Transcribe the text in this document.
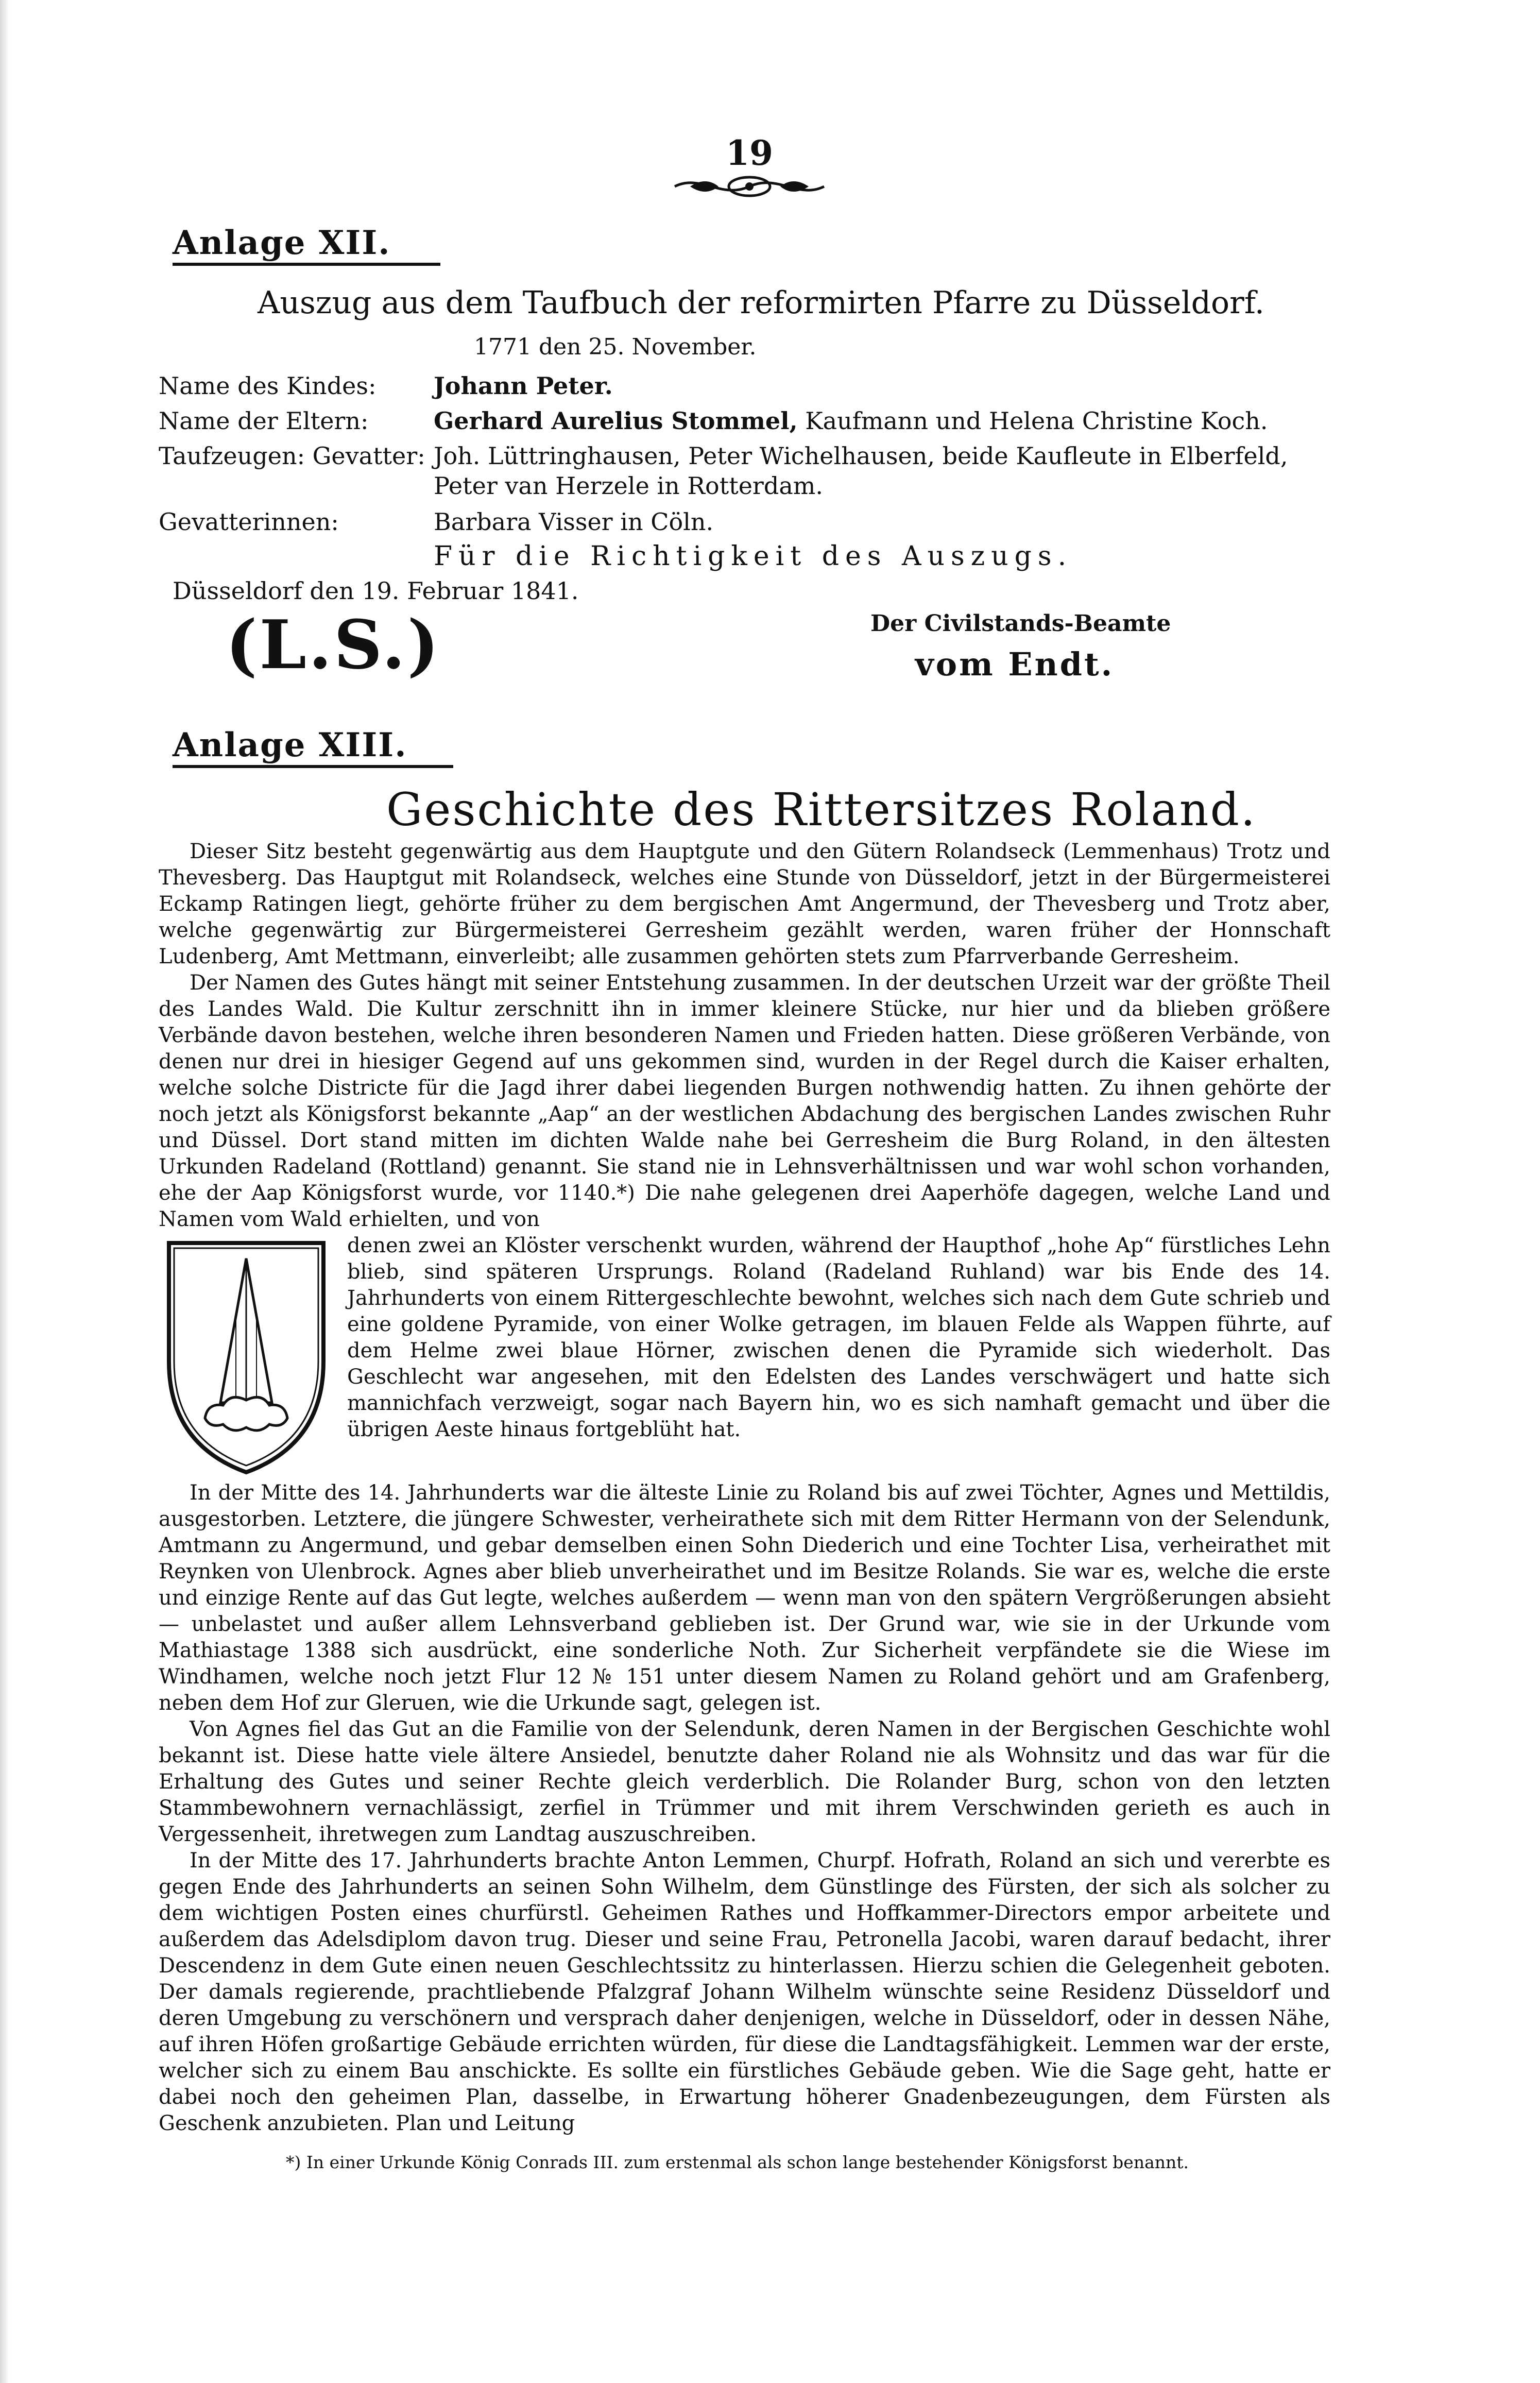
19
Anlage XII.
Auszug aus dem Taufbuch der reformirten Pfarre zu Düsseldorf.
1771 den 25. November.
Name des Kindes: Johann Peter.
Name der Eltern:	Gerhard Aurelius Stommel, Kaufmann und Helena Christine Koch.
Taufzeugen: Gevatter: Joh. Lüttringhausen, Peter Wichelhausen, beide Kaufleute in Elberfeld,
Peter van Herzele in Rotterdam.
Gevatterinnen:	Barbara Visser in Cöln.
Für die Richtigkeit des Auszugs.
Düsseldorf den 19. Februar 1841.
(L.S.)	Der Civilstands-Beamte
vom Endt.
Anlage XIII.
Geschichte des Rittersitzes Roland.

Dieser Sitz besteht gegenwärtig aus dem Hauptgute und den Gütern Rolandseck (Lemmenhaus) Trotz und Thevesberg. Das Hauptgut mit Rolandseck, welches eine Stunde von Düsseldorf, jetzt in der Bürgermeisterei Eckamp Ratingen liegt, gehörte früher zu dem bergischen Amt Angermund, der Thevesberg und Trotz aber, welche gegenwärtig zur Bürgermeisterei Gerresheim gezählt werden, waren früher der Honnschaft Ludenberg, Amt Mettmann, einverleibt; alle zusammen gehörten stets zum Pfarrverbande Gerresheim.

Der Namen des Gutes hängt mit seiner Entstehung zusammen. In der deutschen Urzeit war der größte Theil des Landes Wald. Die Kultur zerschnitt ihn in immer kleinere Stücke, nur hier und da blieben größere Verbände davon bestehen, welche ihren besonderen Namen und Frieden hatten. Diese größeren Verbände, von denen nur drei in hiesiger Gegend auf uns gekommen sind, wurden in der Regel durch die Kaiser erhalten, welche solche Districte für die Jagd ihrer dabei liegenden Burgen nothwendig hatten. Zu ihnen gehörte der noch jetzt als Königsforst bekannte „Aap“ an der westlichen Abdachung des bergischen Landes zwischen Ruhr und Düssel. Dort stand mitten im dichten Walde nahe bei Gerresheim die Burg Roland, in den ältesten Urkunden Radeland (Rottland) genannt. Sie stand nie in Lehnsverhältnissen und war wohl schon vorhanden, ehe der Aap Königsforst wurde, vor 1140.*) Die nahe gelegenen drei Aaperhöfe dagegen, welche Land und Namen vom Wald erhielten, und von

denen zwei an Klöster verschenkt wurden, während der Haupthof „hohe Ap“ fürstliches Lehn blieb, sind späteren Ursprungs. Roland (Radeland Ruhland) war bis Ende des 14. Jahrhunderts von einem Rittergeschlechte bewohnt, welches sich nach dem Gute schrieb und eine goldene Pyramide, von einer Wolke getragen, im blauen Felde als Wappen führte, auf dem Helme zwei blaue Hörner, zwischen denen die Pyramide sich wiederholt. Das Geschlecht war angesehen, mit den Edelsten des Landes verschwägert und hatte sich mannichfach verzweigt, sogar nach Bayern hin, wo es sich namhaft gemacht und über die übrigen Aeste hinaus fortgeblüht hat.

In der Mitte des 14. Jahrhunderts war die älteste Linie zu Roland bis auf zwei Töchter, Agnes und Mettildis, ausgestorben. Letztere, die jüngere Schwester, verheirathete sich mit dem Ritter Hermann von der Selendunk, Amtmann zu Angermund, und gebar demselben einen Sohn Diederich und eine Tochter Lisa, verheirathet mit Reynken von Ulenbrock. Agnes aber blieb unverheirathet und im Besitze Rolands. Sie war es, welche die erste und einzige Rente auf das Gut legte, welches außerdem — wenn man von den spätern Vergrößerungen absieht — unbelastet und außer allem Lehnsverband geblieben ist. Der Grund war, wie sie in der Urkunde vom Mathiastage 1388 sich ausdrückt, eine sonderliche Noth. Zur Sicherheit verpfändete sie die Wiese im Windhamen, welche noch jetzt Flur 12 № 151 unter diesem Namen zu Roland gehört und am Grafenberg, neben dem Hof zur Gleruen, wie die Urkunde sagt, gelegen ist.

Von Agnes fiel das Gut an die Familie von der Selendunk, deren Namen in der Bergischen Geschichte wohl bekannt ist. Diese hatte viele ältere Ansiedel, benutzte daher Roland nie als Wohnsitz und das war für die Erhaltung des Gutes und seiner Rechte gleich verderblich. Die Rolander Burg, schon von den letzten Stammbewohnern vernachlässigt, zerfiel in Trümmer und mit ihrem Verschwinden gerieth es auch in Vergessenheit, ihretwegen zum Landtag auszuschreiben.

In der Mitte des 17. Jahrhunderts brachte Anton Lemmen, Churpf. Hofrath, Roland an sich und vererbte es gegen Ende des Jahrhunderts an seinen Sohn Wilhelm, dem Günstlinge des Fürsten, der sich als solcher zu dem wichtigen Posten eines churfürstl. Geheimen Rathes und Hoffkammer-Directors empor arbeitete und außerdem das Adelsdiplom davon trug. Dieser und seine Frau, Petronella Jacobi, waren darauf bedacht, ihrer Descendenz in dem Gute einen neuen Geschlechtssitz zu hinterlassen. Hierzu schien die Gelegenheit geboten. Der damals regierende, prachtliebende Pfalzgraf Johann Wilhelm wünschte seine Residenz Düsseldorf und deren Umgebung zu verschönern und versprach daher denjenigen, welche in Düsseldorf, oder in dessen Nähe, auf ihren Höfen großartige Gebäude errichten würden, für diese die Landtagsfähigkeit. Lemmen war der erste, welcher sich zu einem Bau anschickte. Es sollte ein fürstliches Gebäude geben. Wie die Sage geht, hatte er dabei noch den geheimen Plan, dasselbe, in Erwartung höherer Gnadenbezeugungen, dem Fürsten als Geschenk anzubieten. Plan und Leitung

*) In einer Urkunde König Conrads III. zum erstenmal als schon lange bestehender Königsforst benannt.
